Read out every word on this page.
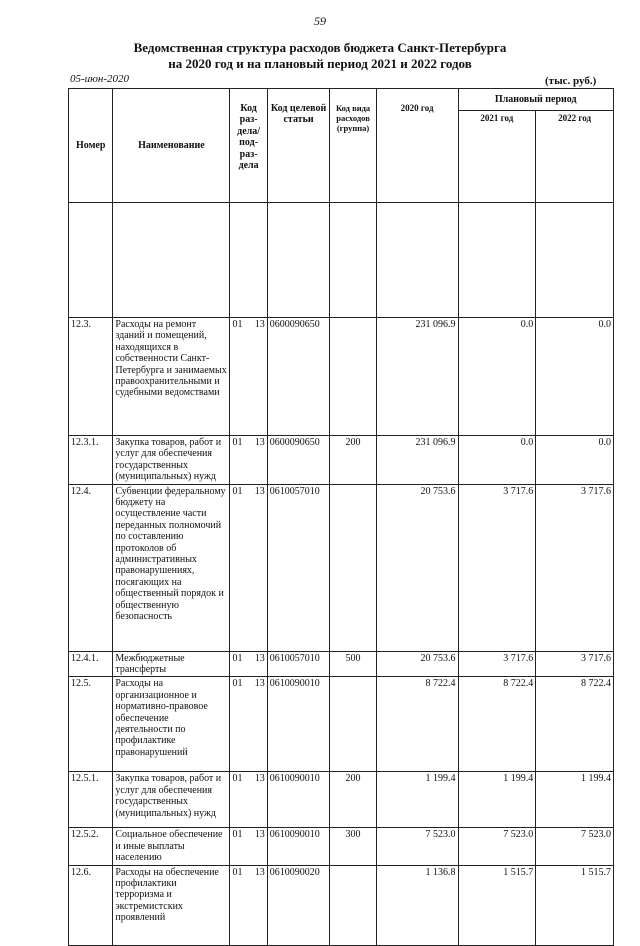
59
Ведомственная структура расходов бюджета Санкт-Петербурга
на 2020 год и на плановый период 2021 и 2022 годов
05-июн-2020	(тыс. руб.)
Номер	Наименование	Код раз-дела/ под-раз-дела	Код целевой статьи	Код вида расходов (группа)	2020 год	Плановый период	
						2021 год	2022 год

12.3.	Расходы на ремонт зданий и помещений, находящихся в собственности Санкт-Петербурга и занимаемых правоохранительными и судебными ведомствами	01 13	0600090650		231 096.9	0.0	0.0
12.3.1.	Закупка товаров, работ и услуг для обеспечения государственных (муниципальных) нужд	01 13	0600090650	200	231 096.9	0.0	0.0
12.4.	Субвенции федеральному бюджету на осуществление части переданных полномочий по составлению протоколов об административных правонарушениях, посягающих на общественный порядок и общественную безопасность	01 13	0610057010		20 753.6	3 717.6	3 717.6
12.4.1.	Межбюджетные трансферты	01 13	0610057010	500	20 753.6	3 717.6	3 717.6
12.5.	Расходы на организационное и нормативно-правовое обеспечение деятельности по профилактике правонарушений	01 13	0610090010		8 722.4	8 722.4	8 722.4
12.5.1.	Закупка товаров, работ и услуг для обеспечения государственных (муниципальных) нужд	01 13	0610090010	200	1 199.4	1 199.4	1 199.4
12.5.2.	Социальное обеспечение и иные выплаты населению	01 13	0610090010	300	7 523.0	7 523.0	7 523.0
12.6.	Расходы на обеспечение профилактики терроризма и экстремистских проявлений	01 13	0610090020		1 136.8	1 515.7	1 515.7
